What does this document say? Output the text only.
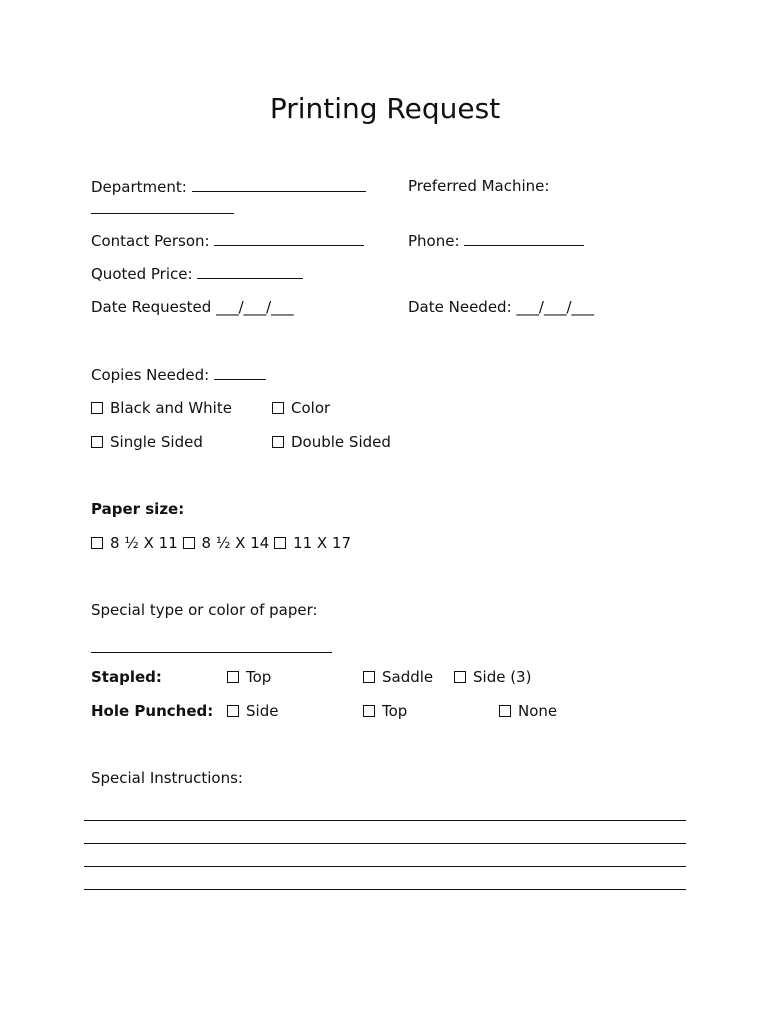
Printing Request
Department:	Preferred Machine:
Contact Person:	Phone:
Quoted Price:
Date Requested ___/___/___	Date Needed: ___/___/___
Copies Needed:
Black and White	Color
Single Sided	Double Sided
Paper size:
8 ½ X 11 8 ½ X 14 11 X 17
Special type or color of paper:
Stapled:	Top	Saddle	Side (3)
Hole Punched:	Side	Top	None
Special Instructions:
